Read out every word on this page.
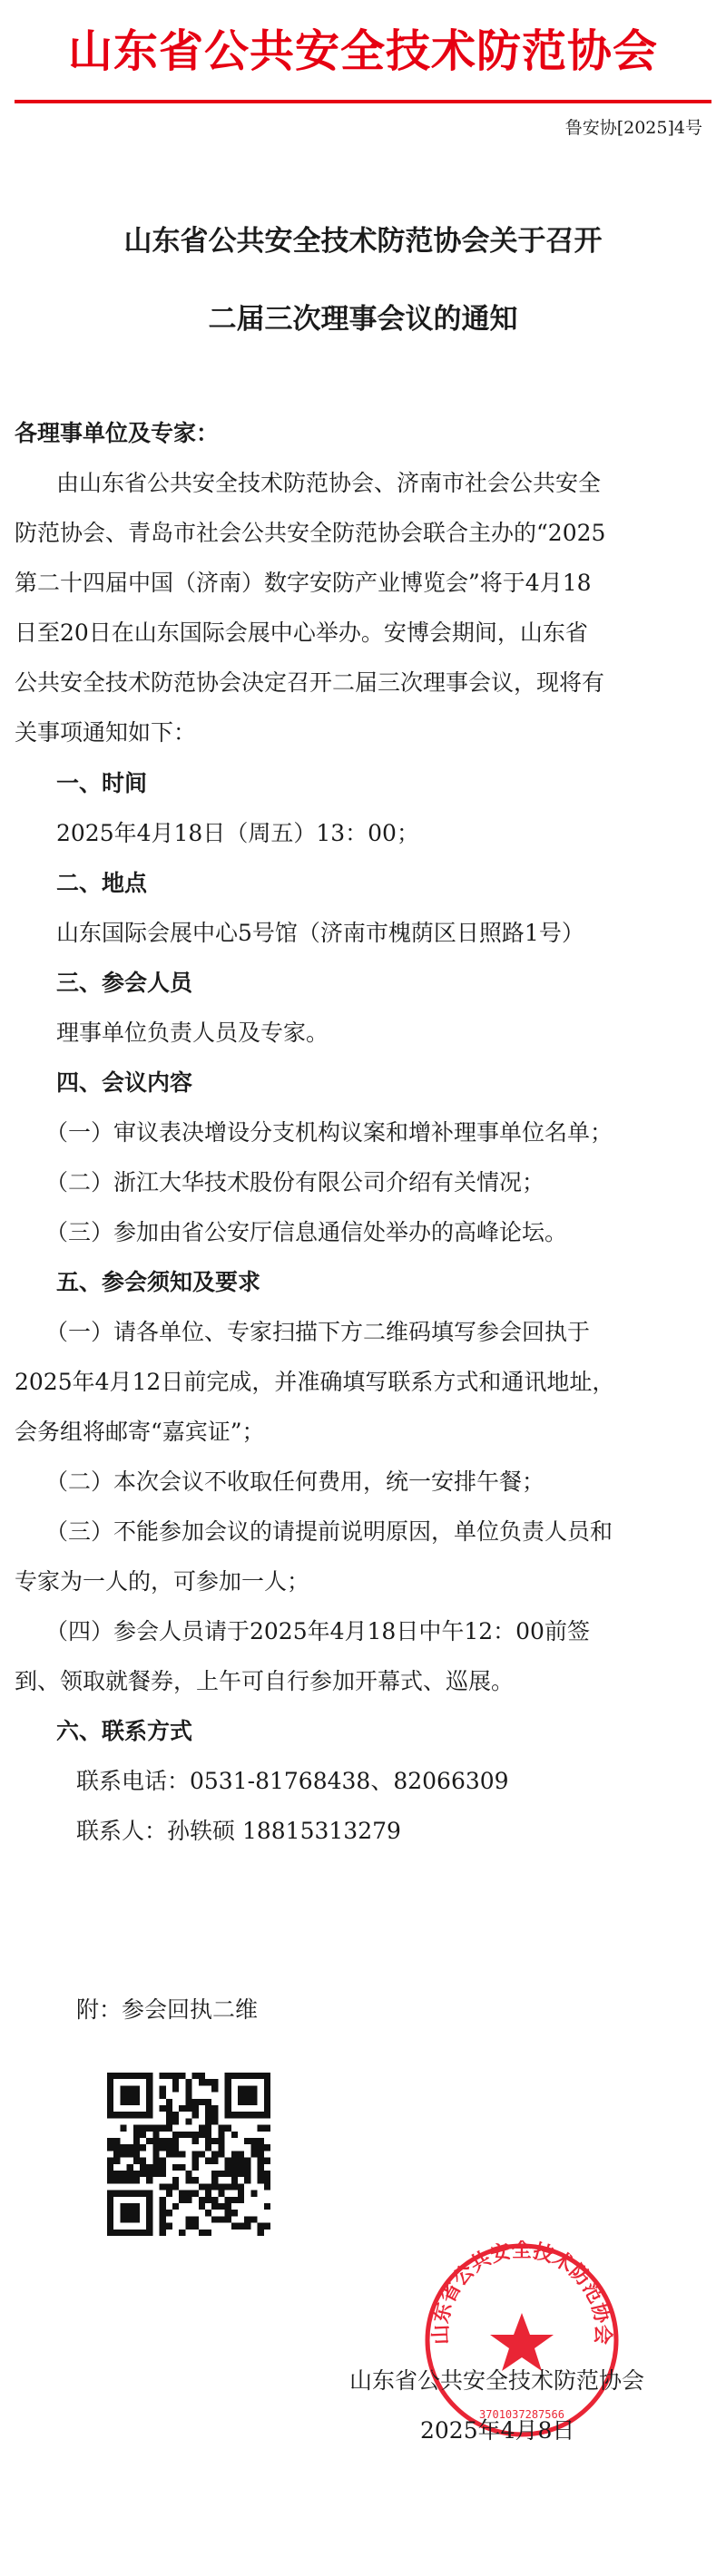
山东省公共安全技术防范协会
鲁安协[2025]4号
山东省公共安全技术防范协会关于召开
二届三次理事会议的通知
各理事单位及专家：
由山东省公共安全技术防范协会、济南市社会公共安全
防范协会、青岛市社会公共安全防范协会联合主办的“2025
第二十四届中国（济南）数字安防产业博览会”将于4月18
日至20日在山东国际会展中心举办。安博会期间，山东省
公共安全技术防范协会决定召开二届三次理事会议，现将有
关事项通知如下：
一、时间
2025年4月18日（周五）13：00；
二、地点
山东国际会展中心5号馆（济南市槐荫区日照路1号）
三、参会人员
理事单位负责人员及专家。
四、会议内容
（一）审议表决增设分支机构议案和增补理事单位名单；
（二）浙江大华技术股份有限公司介绍有关情况；
（三）参加由省公安厅信息通信处举办的高峰论坛。
五、参会须知及要求
（一）请各单位、专家扫描下方二维码填写参会回执于
2025年4月12日前完成，并准确填写联系方式和通讯地址，
会务组将邮寄“嘉宾证”；
（二）本次会议不收取任何费用，统一安排午餐；
（三）不能参加会议的请提前说明原因，单位负责人员和
专家为一人的，可参加一人；
（四）参会人员请于2025年4月18日中午12：00前签
到、领取就餐券，上午可自行参加开幕式、巡展。
六、联系方式
联系电话：0531-81768438、82066309
联系人：孙轶硕 18815313279
附：参会回执二维
山东省公共安全技术防范协会
3701037287566
山东省公共安全技术防范协会
2025年4月8日
